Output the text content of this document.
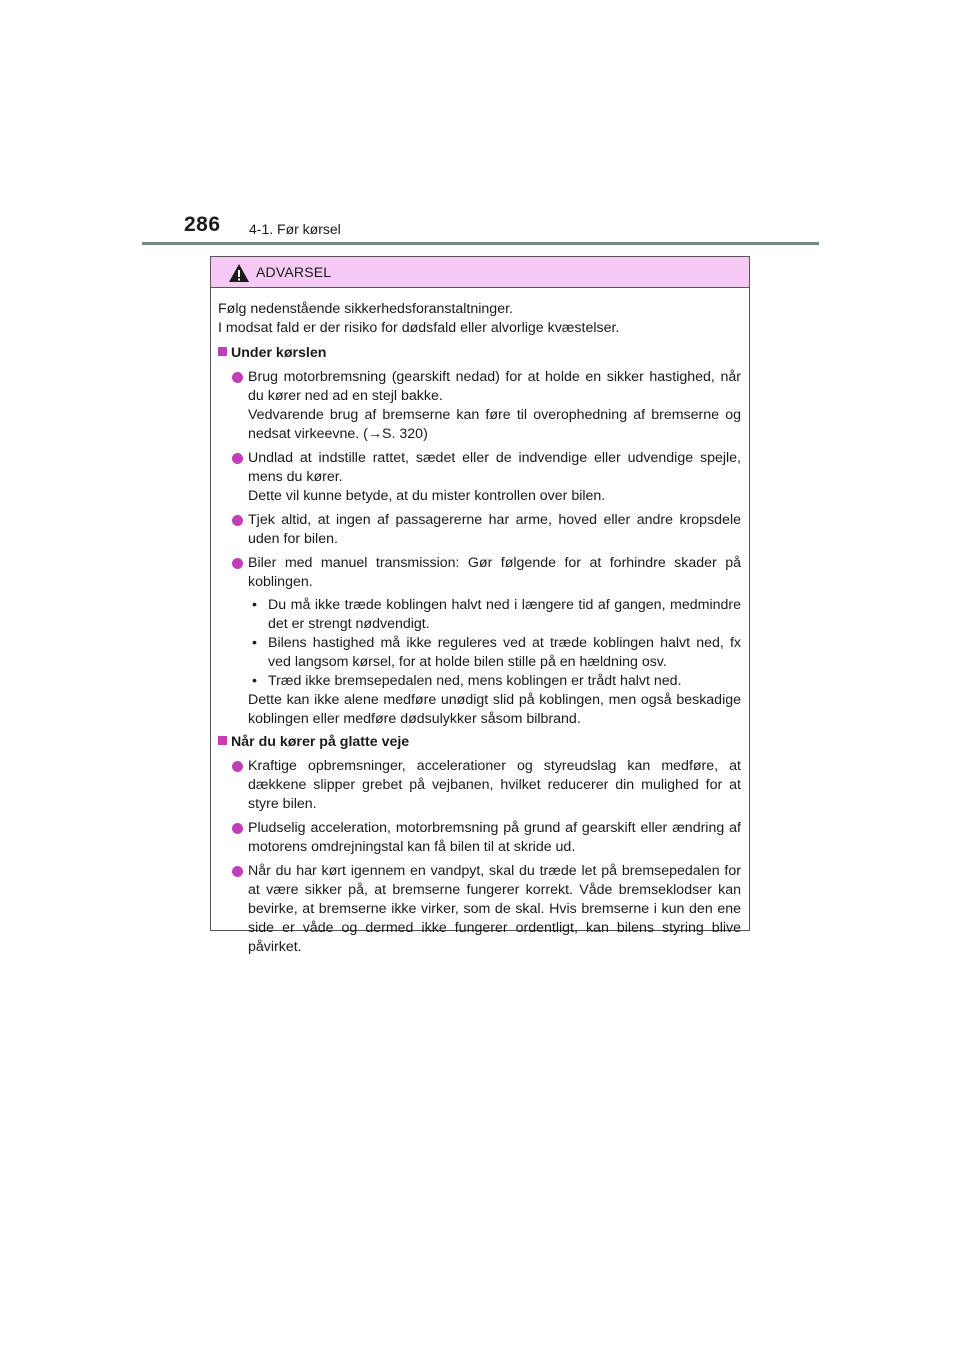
286 4-1. Før kørsel
ADVARSEL
Følg nedenstående sikkerhedsforanstaltninger.
I modsat fald er der risiko for dødsfald eller alvorlige kvæstelser.
Under kørslen

Brug motorbremsning (gearskift nedad) for at holde en sikker hastighed, når du kører ned ad en stejl bakke.

Vedvarende brug af bremserne kan føre til overophedning af bremserne og nedsat virkeevne. (→S. 320)

Undlad at indstille rattet, sædet eller de indvendige eller udvendige spejle, mens du kører.

Dette vil kunne betyde, at du mister kontrollen over bilen.

Tjek altid, at ingen af passagererne har arme, hoved eller andre kropsdele uden for bilen.

Biler med manuel transmission: Gør følgende for at forhindre skader på koblingen.

• Du må ikke træde koblingen halvt ned i længere tid af gangen, medmindre det er strengt nødvendigt.
• Bilens hastighed må ikke reguleres ved at træde koblingen halvt ned, fx ved langsom kørsel, for at holde bilen stille på en hældning osv.
• Træd ikke bremsepedalen ned, mens koblingen er trådt halvt ned.

Dette kan ikke alene medføre unødigt slid på koblingen, men også beskadige koblingen eller medføre dødsulykker såsom bilbrand.

Når du kører på glatte veje

Kraftige opbremsninger, accelerationer og styreudslag kan medføre, at dækkene slipper grebet på vejbanen, hvilket reducerer din mulighed for at styre bilen.

Pludselig acceleration, motorbremsning på grund af gearskift eller ændring af motorens omdrejningstal kan få bilen til at skride ud.

Når du har kørt igennem en vandpyt, skal du træde let på bremsepedalen for at være sikker på, at bremserne fungerer korrekt. Våde bremseklodser kan bevirke, at bremserne ikke virker, som de skal. Hvis bremserne i kun den ene side er våde og dermed ikke fungerer ordentligt, kan bilens styring blive påvirket.
